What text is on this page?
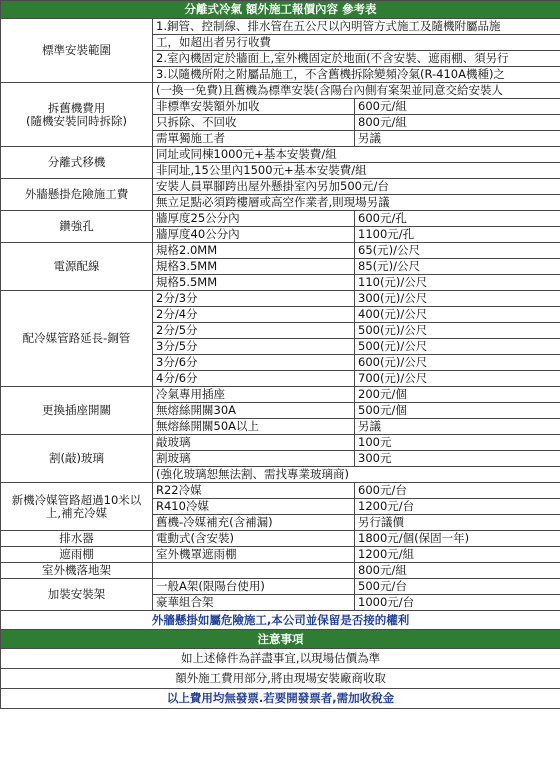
分離式冷氣 額外施工報價內容 參考表		
標準安裝範圍	1.銅管、控制線、排水管在五公尺以內明管方式施工及隨機附屬品施	
	工，如超出者另行收費	
	2.室內機固定於牆面上,室外機固定於地面(不含安裝、遮雨棚、須另行	
	3.以隨機所附之附屬品施工，不含舊機拆除變頻冷氣(R-410A機種)之	
拆舊機費用
(隨機安裝同時拆除)	(一換一免費)且舊機為標準安裝(含陽台內側有案架並同意交給安裝人	
	非標準安裝額外加收	600元/組
	只拆除、不回收	800元/組
	需單獨施工者	另議
分離式移機	同址或同棟1000元+基本安裝費/組	
	非同址,15公里內1500元+基本安裝費/組	
外牆懸掛危險施工費	安裝人員單腳跨出屋外懸掛室內另加500元/台	
	無立足點必須跨樓層或高空作業者,則現場另議	
鑽強孔	牆厚度25公分內	600元/孔
	牆厚度40公分內	1100元/孔
電源配線	規格2.0MM	65(元)/公尺
	規格3.5MM	85(元)/公尺
	規格5.5MM	110(元)/公尺
配冷媒管路延長-銅管	2分/3分	300(元)/公尺
	2分/4分	400(元)/公尺
	2分/5分	500(元)/公尺
	3分/5分	500(元)/公尺
	3分/6分	600(元)/公尺
	4分/6分	700(元)/公尺
更換插座開關	冷氣專用插座	200元/個
	無熔絲開關30A	500元/個
	無熔絲開關50A以上	另議
割(敲)玻璃	敲玻璃	100元
	割玻璃	300元
	(強化玻璃恕無法割、需找專業玻璃商)	
新機冷媒管路超過10米以
上,補充冷媒	R22冷媒	600元/台
	R410冷媒	1200元/台
	舊機-冷媒補充(含補漏)	另行議價
排水器	電動式(含安裝)	1800元/個(保固一年)
遮雨棚	室外機罩遮雨棚	1200元/組
室外機落地架		800元/組
加裝安裝架	一般A架(限陽台使用)	500元/台
	豪華組合架	1000元/台
外牆懸掛如屬危險施工,本公司並保留是否接的權利		
注意事項		
如上述條件為詳盡事宜,以現場估價為準		
額外施工費用部分,將由現場安裝廠商收取		
以上費用均無發票.若要開發票者,需加收稅金		
